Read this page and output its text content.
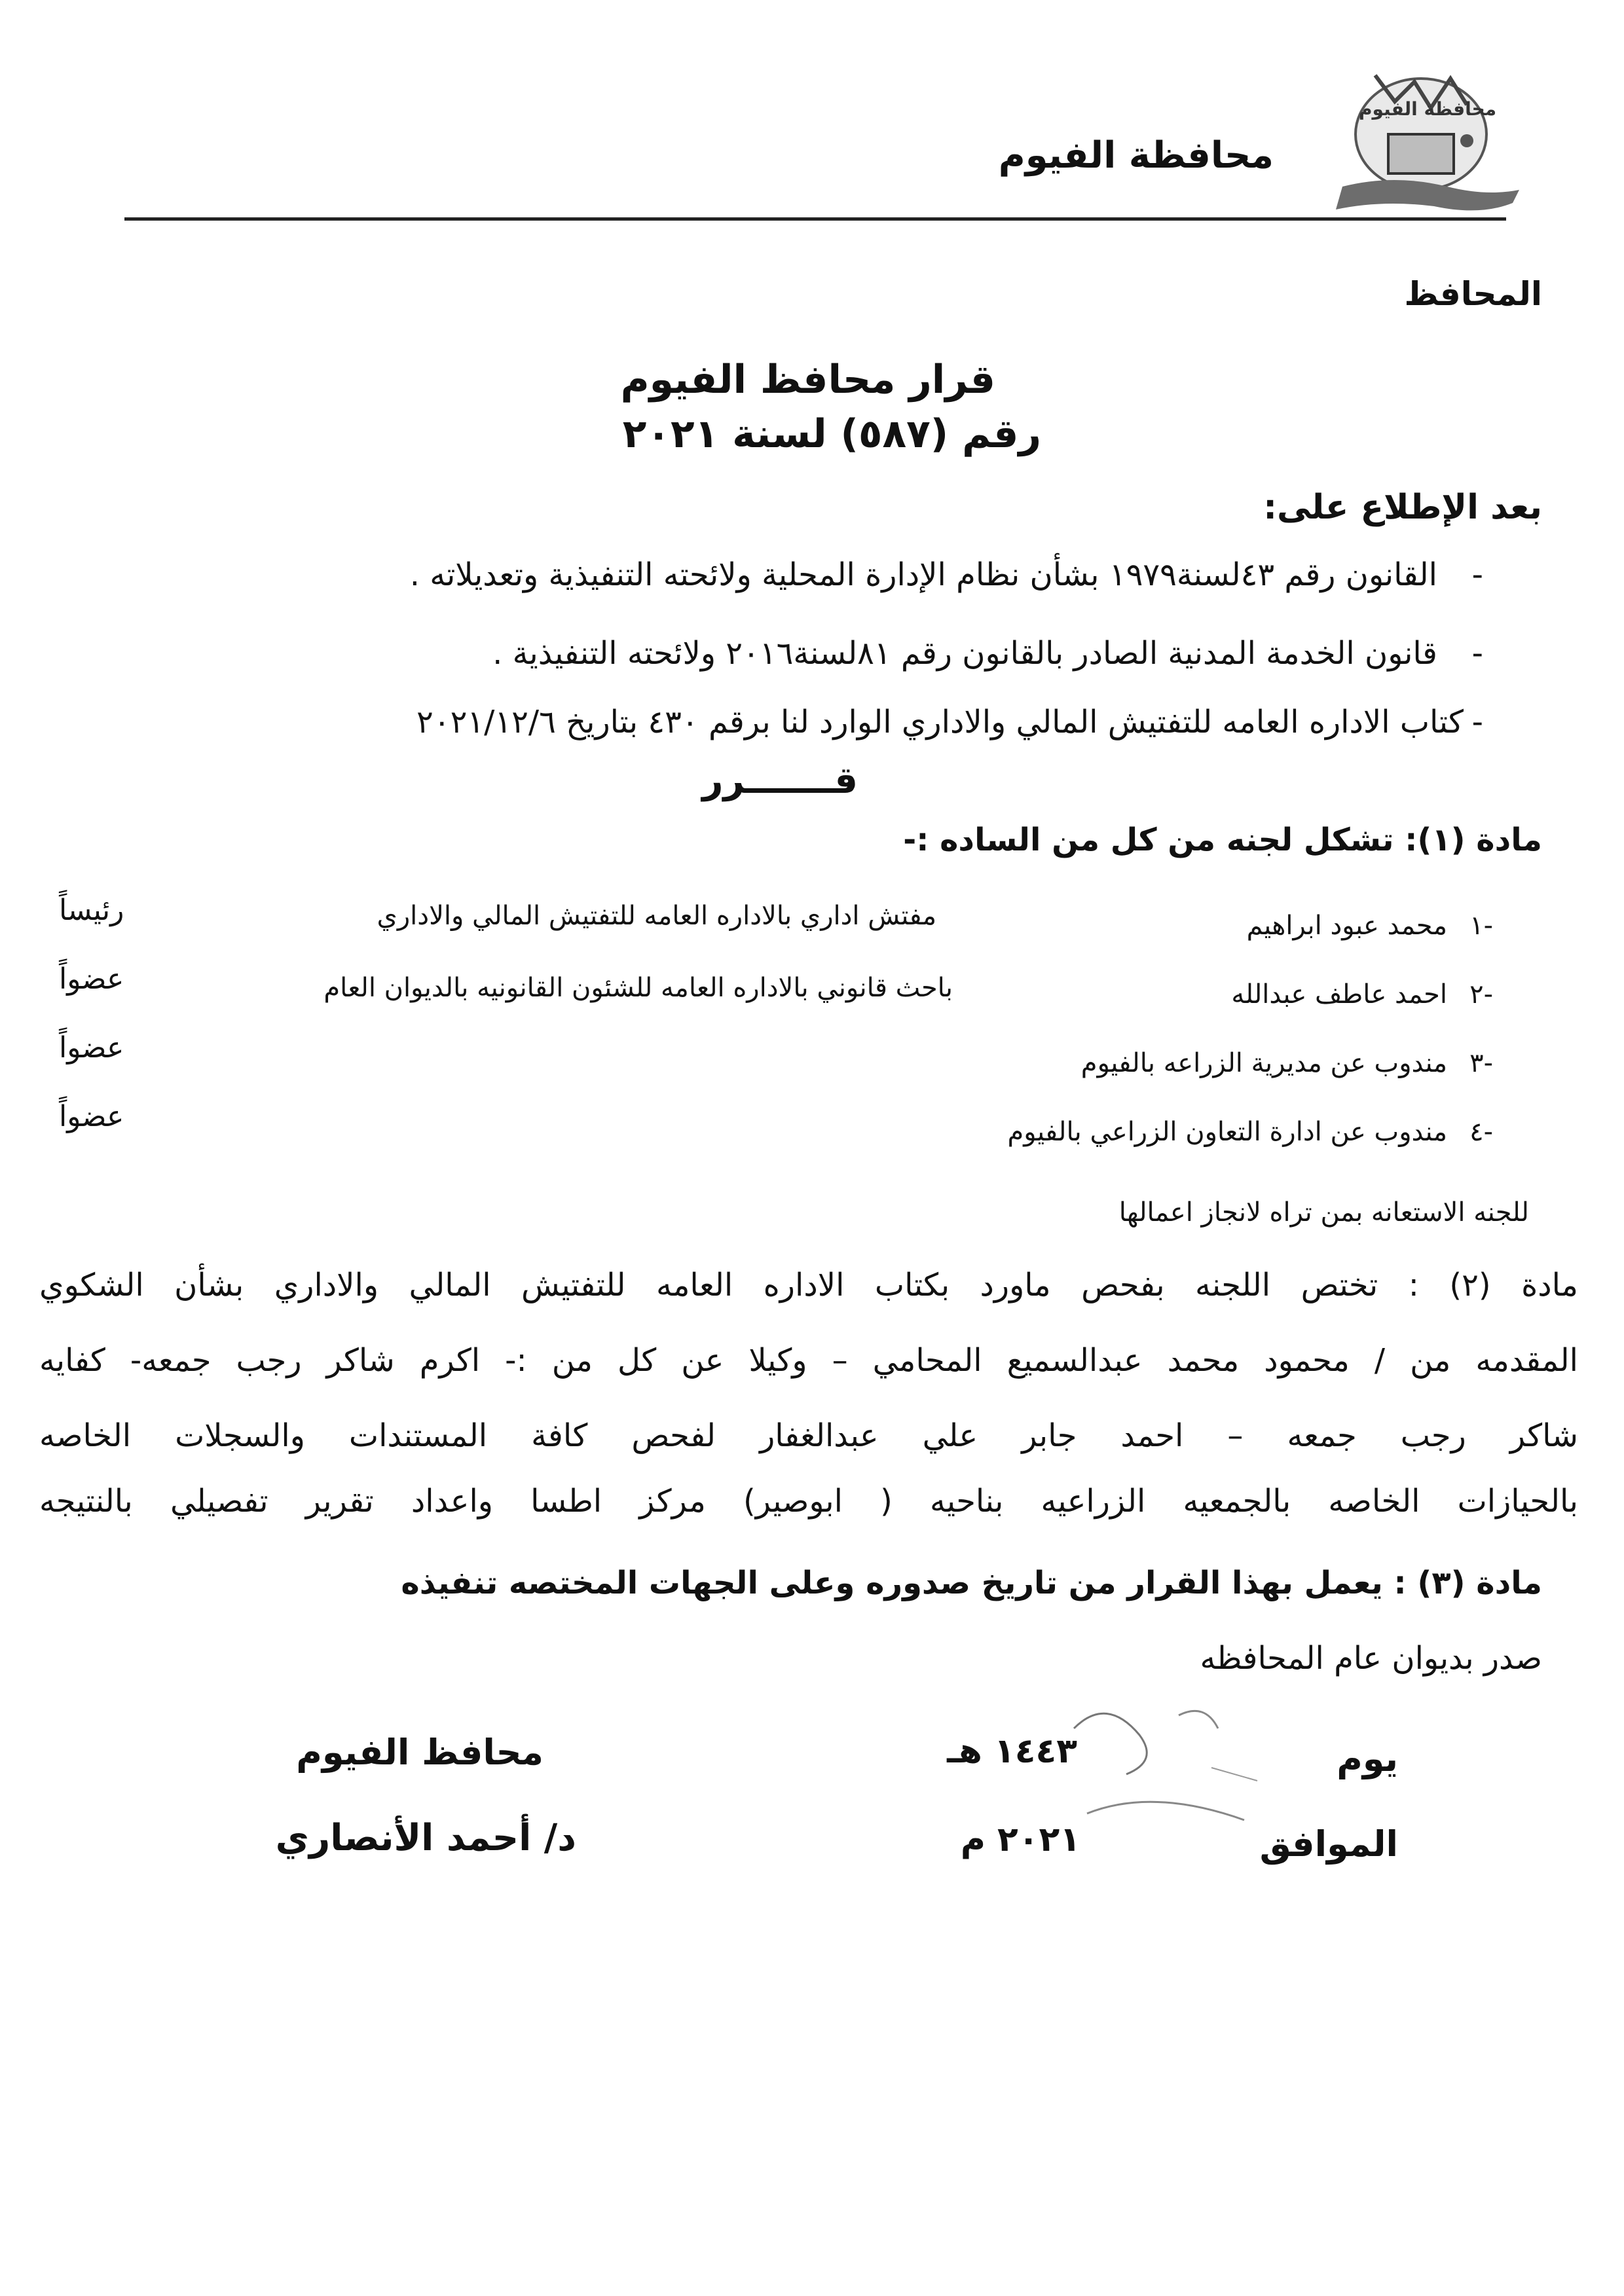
محافظة الفيوم
محافظة الفيوم
المحافظ
قرار محافظ الفيوم
رقم (٥٨٧) لسنة ٢٠٢١
بعد الإطلاع على:
-
القانون رقم ٤٣لسنة١٩٧٩ بشأن نظام الإدارة المحلية ولائحته التنفيذية وتعديلاته .
-
قانون الخدمة المدنية الصادر بالقانون رقم ٨١لسنة٢٠١٦ ولائحته التنفيذية .
-
كتاب الاداره العامه للتفتيش المالي والاداري الوارد لنا برقم ٤٣٠ بتاريخ ٢٠٢١/١٢/٦
قـــــــرر
مادة (١): تشكل لجنه من كل من الساده :-
١-
محمد عبود ابراهيم
مفتش اداري بالاداره العامه للتفتيش المالي والاداري
رئيساً
٢-
احمد عاطف عبدالله
باحث قانوني بالاداره العامه للشئون القانونيه بالديوان العام
عضواً
٣-
مندوب عن مديرية الزراعه بالفيوم
عضواً
٤-
مندوب عن ادارة التعاون الزراعي بالفيوم
عضواً
للجنه الاستعانه بمن تراه لانجاز اعمالها
مادة (٢) : تختص اللجنه بفحص ماورد بكتاب الاداره العامه للتفتيش المالي والاداري بشأن الشكوي
المقدمه من / محمود محمد عبدالسميع المحامي – وكيلا عن كل من :- اكرم شاكر رجب جمعه- كفايه
شاكر رجب جمعه – احمد جابر علي عبدالغفار لفحص كافة المستندات والسجلات الخاصه
بالحيازات الخاصه بالجمعيه الزراعيه بناحيه ( ابوصير) مركز اطسا واعداد تقرير تفصيلي بالنتيجه
مادة (٣) : يعمل بهذا القرار من تاريخ صدوره وعلى الجهات المختصه تنفيذه
صدر بديوان عام المحافظه
يوم
١٤٤٣ هـ
الموافق
٢٠٢١ م
محافظ الفيوم
د/ أحمد الأنصاري
